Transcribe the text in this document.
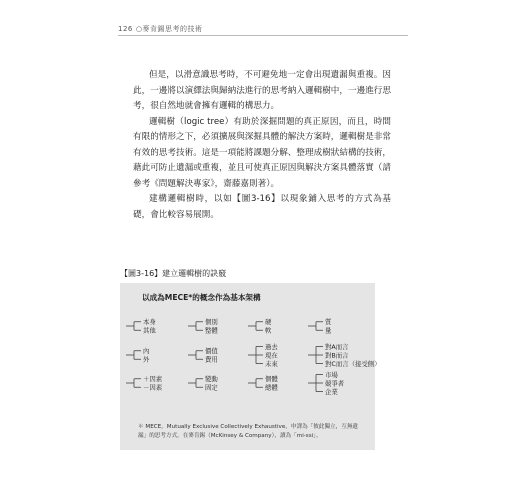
126 ○麥肯錫思考的技術

但是，以滑意識思考時，不可避免地一定會出現遺漏與重複。因此，一邊將以演繹法與歸納法進行的思考納入邏輯樹中，一邊進行思考，很自然地就會擁有邏輯的構思力。

邏輯樹（logic tree）有助於深掘問題的真正原因，而且，時間有限的情形之下，必須擴展與深掘具體的解決方案時，邏輯樹是非常有效的思考技術。這是一項能將課題分解、整理成樹狀結構的技術，藉此可防止遺漏或重複，並且可使真正原因與解決方案具體落實（請參考《問題解決專家》，齋藤嘉則著）。

建構邏輯樹時，以如【圖3-16】以現象鋪入思考的方式為基礎，會比較容易展開。

【圖3-16】建立邏輯樹的訣竅
以成為MECE*的概念作為基本架構
本身
其他
個別
整體
硬
軟
質
量
內
外
價值
費用
過去
現在
未來
對A而言
對B而言
對C而言（接受側）
＋因素
－因素
變動
固定
個體
總體
市場
競爭者
企業
＊ MECE，Mutually Exclusive Collectively Exhaustive，申譯為「彼此獨立，互無遺漏」的思考方式。在麥肯錫（McKinsey & Company），讀為「mi-ssi」。
